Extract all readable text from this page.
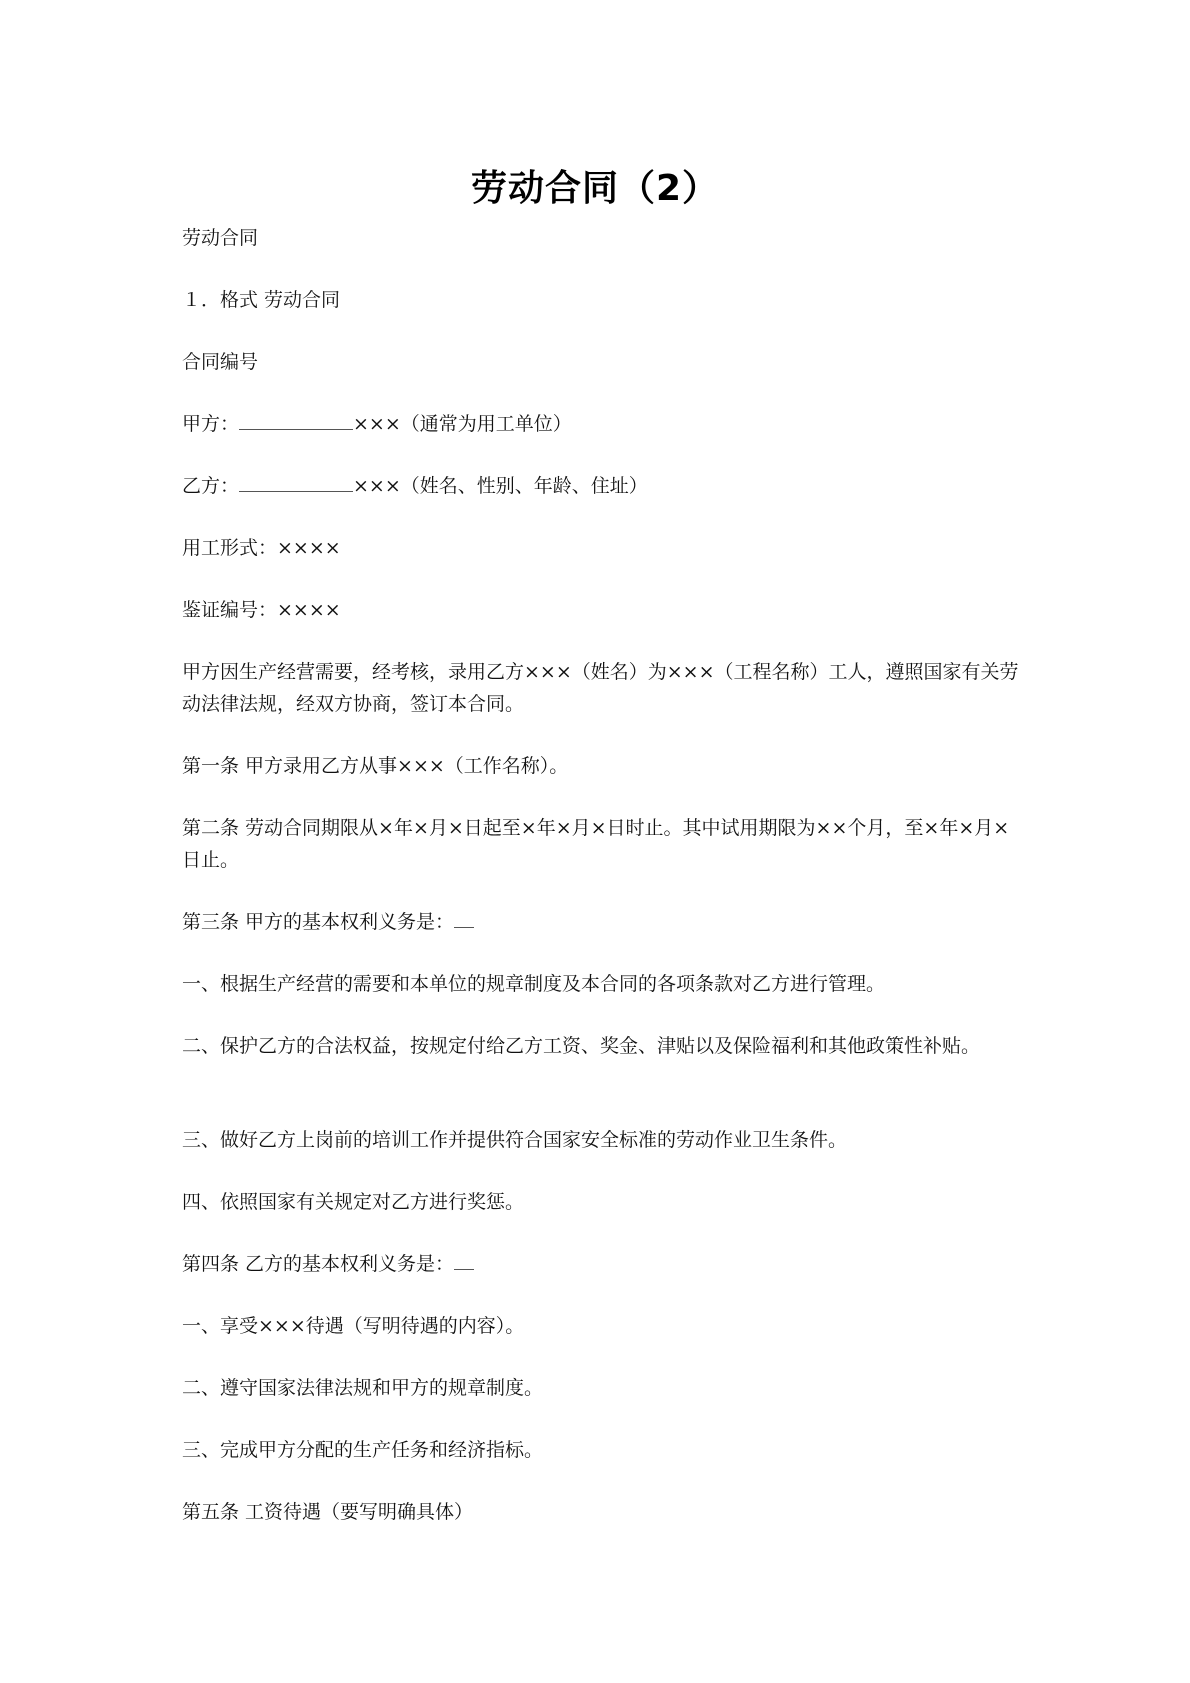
劳动合同（2）
劳动合同
１．格式 劳动合同
合同编号
甲方：	×××（通常为用工单位）
乙方：	×××（姓名、性别、年龄、住址）
用工形式：××××
鉴证编号：××××
甲方因生产经营需要，经考核，录用乙方×××（姓名）为×××（工程名称）工人，遵照国家有关劳动法律法规，经双方协商，签订本合同。
第一条 甲方录用乙方从事×××（工作名称）。
第二条 劳动合同期限从×年×月×日起至×年×月×日时止。其中试用期限为××个月，至×年×月×日止。
第三条 甲方的基本权利义务是：
一、根据生产经营的需要和本单位的规章制度及本合同的各项条款对乙方进行管理。
二、保护乙方的合法权益，按规定付给乙方工资、奖金、津贴以及保险福利和其他政策性补贴。
三、做好乙方上岗前的培训工作并提供符合国家安全标准的劳动作业卫生条件。
四、依照国家有关规定对乙方进行奖惩。
第四条 乙方的基本权利义务是：
一、享受×××待遇（写明待遇的内容）。
二、遵守国家法律法规和甲方的规章制度。
三、完成甲方分配的生产任务和经济指标。
第五条 工资待遇（要写明确具体）
